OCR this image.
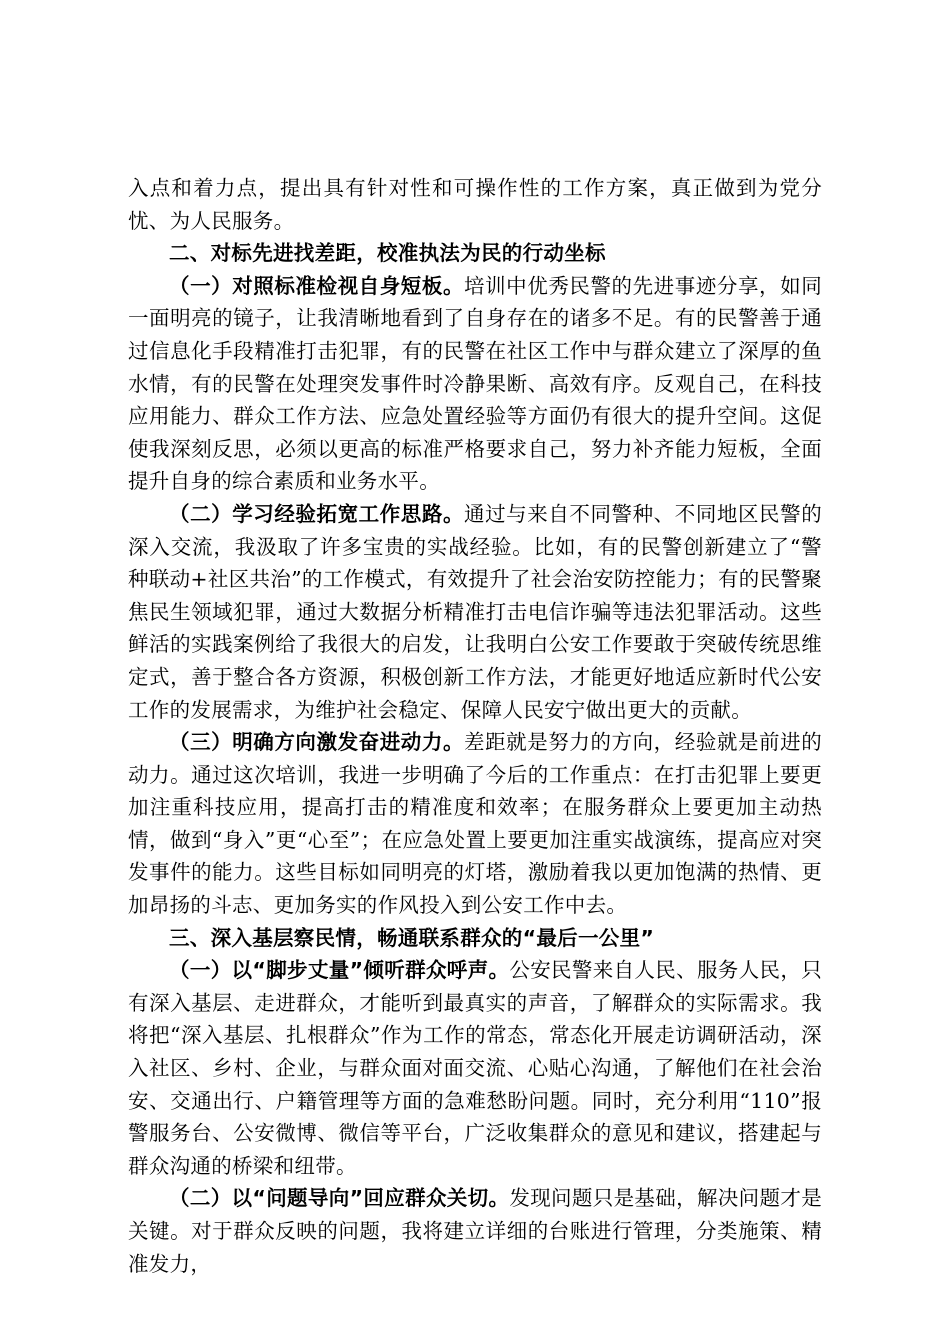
入点和着力点，提出具有针对性和可操作性的工作方案，真正做到为党分忧、为人民服务。

二、对标先进找差距，校准执法为民的行动坐标

（一）对照标准检视自身短板。培训中优秀民警的先进事迹分享，如同一面明亮的镜子，让我清晰地看到了自身存在的诸多不足。有的民警善于通过信息化手段精准打击犯罪，有的民警在社区工作中与群众建立了深厚的鱼水情，有的民警在处理突发事件时冷静果断、高效有序。反观自己，在科技应用能力、群众工作方法、应急处置经验等方面仍有很大的提升空间。这促使我深刻反思，必须以更高的标准严格要求自己，努力补齐能力短板，全面提升自身的综合素质和业务水平。

（二）学习经验拓宽工作思路。通过与来自不同警种、不同地区民警的深入交流，我汲取了许多宝贵的实战经验。比如，有的民警创新建立了“警种联动+社区共治”的工作模式，有效提升了社会治安防控能力；有的民警聚焦民生领域犯罪，通过大数据分析精准打击电信诈骗等违法犯罪活动。这些鲜活的实践案例给了我很大的启发，让我明白公安工作要敢于突破传统思维定式，善于整合各方资源，积极创新工作方法，才能更好地适应新时代公安工作的发展需求，为维护社会稳定、保障人民安宁做出更大的贡献。

（三）明确方向激发奋进动力。差距就是努力的方向，经验就是前进的动力。通过这次培训，我进一步明确了今后的工作重点：在打击犯罪上要更加注重科技应用，提高打击的精准度和效率；在服务群众上要更加主动热情，做到“身入”更“心至”；在应急处置上要更加注重实战演练，提高应对突发事件的能力。这些目标如同明亮的灯塔，激励着我以更加饱满的热情、更加昂扬的斗志、更加务实的作风投入到公安工作中去。

三、深入基层察民情，畅通联系群众的“最后一公里”

（一）以“脚步丈量”倾听群众呼声。公安民警来自人民、服务人民，只有深入基层、走进群众，才能听到最真实的声音，了解群众的实际需求。我将把“深入基层、扎根群众”作为工作的常态，常态化开展走访调研活动，深入社区、乡村、企业，与群众面对面交流、心贴心沟通，了解他们在社会治安、交通出行、户籍管理等方面的急难愁盼问题。同时，充分利用“110”报警服务台、公安微博、微信等平台，广泛收集群众的意见和建议，搭建起与群众沟通的桥梁和纽带。

（二）以“问题导向”回应群众关切。发现问题只是基础，解决问题才是关键。对于群众反映的问题，我将建立详细的台账进行管理，分类施策、精准发力，
